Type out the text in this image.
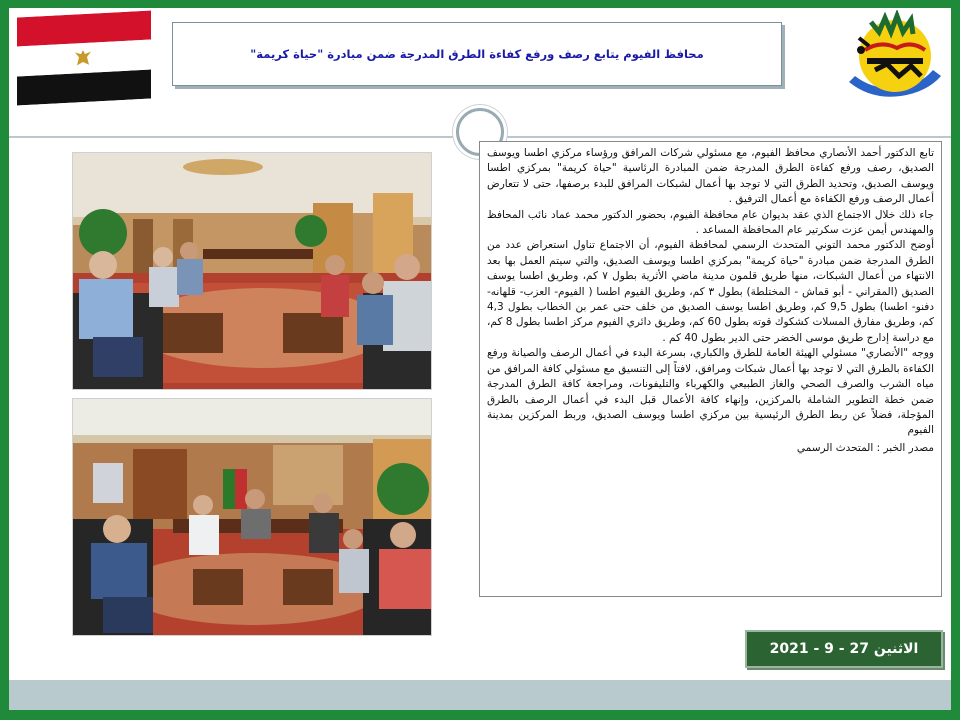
محافظ الفيوم يتابع رصف ورفع كفاءة الطرق المدرجة ضمن مبادرة "حياة كريمة"

تابع الدكتور أحمد الأنصاري محافظ الفيوم، مع مسئولي شركات المرافق ورؤساء مركزي اطسا ويوسف الصديق، رصف ورفع كفاءة الطرق المدرجة ضمن المبادرة الرئاسية "حياة كريمة" بمركزي اطسا ويوسف الصديق، وتحديد الطرق التي لا توجد بها أعمال لشبكات المرافق للبدء برصفها، حتى لا تتعارض أعمال الرصف ورفع الكفاءة مع أعمال الترفيق .

جاء ذلك خلال الاجتماع الذي عقد بديوان عام محافظة الفيوم، بحضور الدكتور محمد عماد نائب المحافظ والمهندس أيمن عزت سكرتير عام المحافظة المساعد .

أوضح الدكتور محمد التوني المتحدث الرسمي لمحافظة الفيوم، أن الاجتماع تناول استعراض عدد من الطرق المدرجة ضمن مبادرة "حياة كريمة" بمركزي اطسا ويوسف الصديق، والتي سيتم العمل بها بعد الانتهاء من أعمال الشبكات، منها طريق قلمون مدينة ماضي الأثرية بطول ٧ كم، وطريق اطسا يوسف الصديق (المقراني - أبو قماش - المختلطة) بطول ٣ كم، وطريق الفيوم اطسا ( الفيوم- العزب- قلهانه- دفنو- اطسا) بطول 9,5 كم، وطريق اطسا يوسف الصديق من خلف حتى عمر بن الخطاب بطول 4,3 كم، وطريق مفارق المسلات كشكوك قوته بطول 60 كم، وطريق دائري الفيوم مركز اطسا بطول 8 كم، مع دراسة إدارج طريق موسى الخضر حتى الدير بطول 40 كم .

ووجه "الأنصاري" مسئولي الهيئة العامة للطرق والكباري، بسرعة البدء في أعمال الرصف والصيانة ورفع الكفاءة بالطرق التي لا توجد بها أعمال شبكات ومرافق، لافتاً إلى التنسيق مع مسئولي كافة المرافق من مياه الشرب والصرف الصحي والغاز الطبيعي والكهرباء والتليفونات، ومراجعة كافة الطرق المدرجة ضمن خطة التطوير الشاملة بالمركزين، وإنهاء كافة الأعمال قبل البدء في أعمال الرصف بالطرق المؤجلة، فضلاً عن ربط الطرق الرئيسية بين مركزي اطسا ويوسف الصديق، وربط المركزين بمدينة الفيوم

مصدر الخبر : المتحدث الرسمي

الاثنين 27 - 9 - 2021
